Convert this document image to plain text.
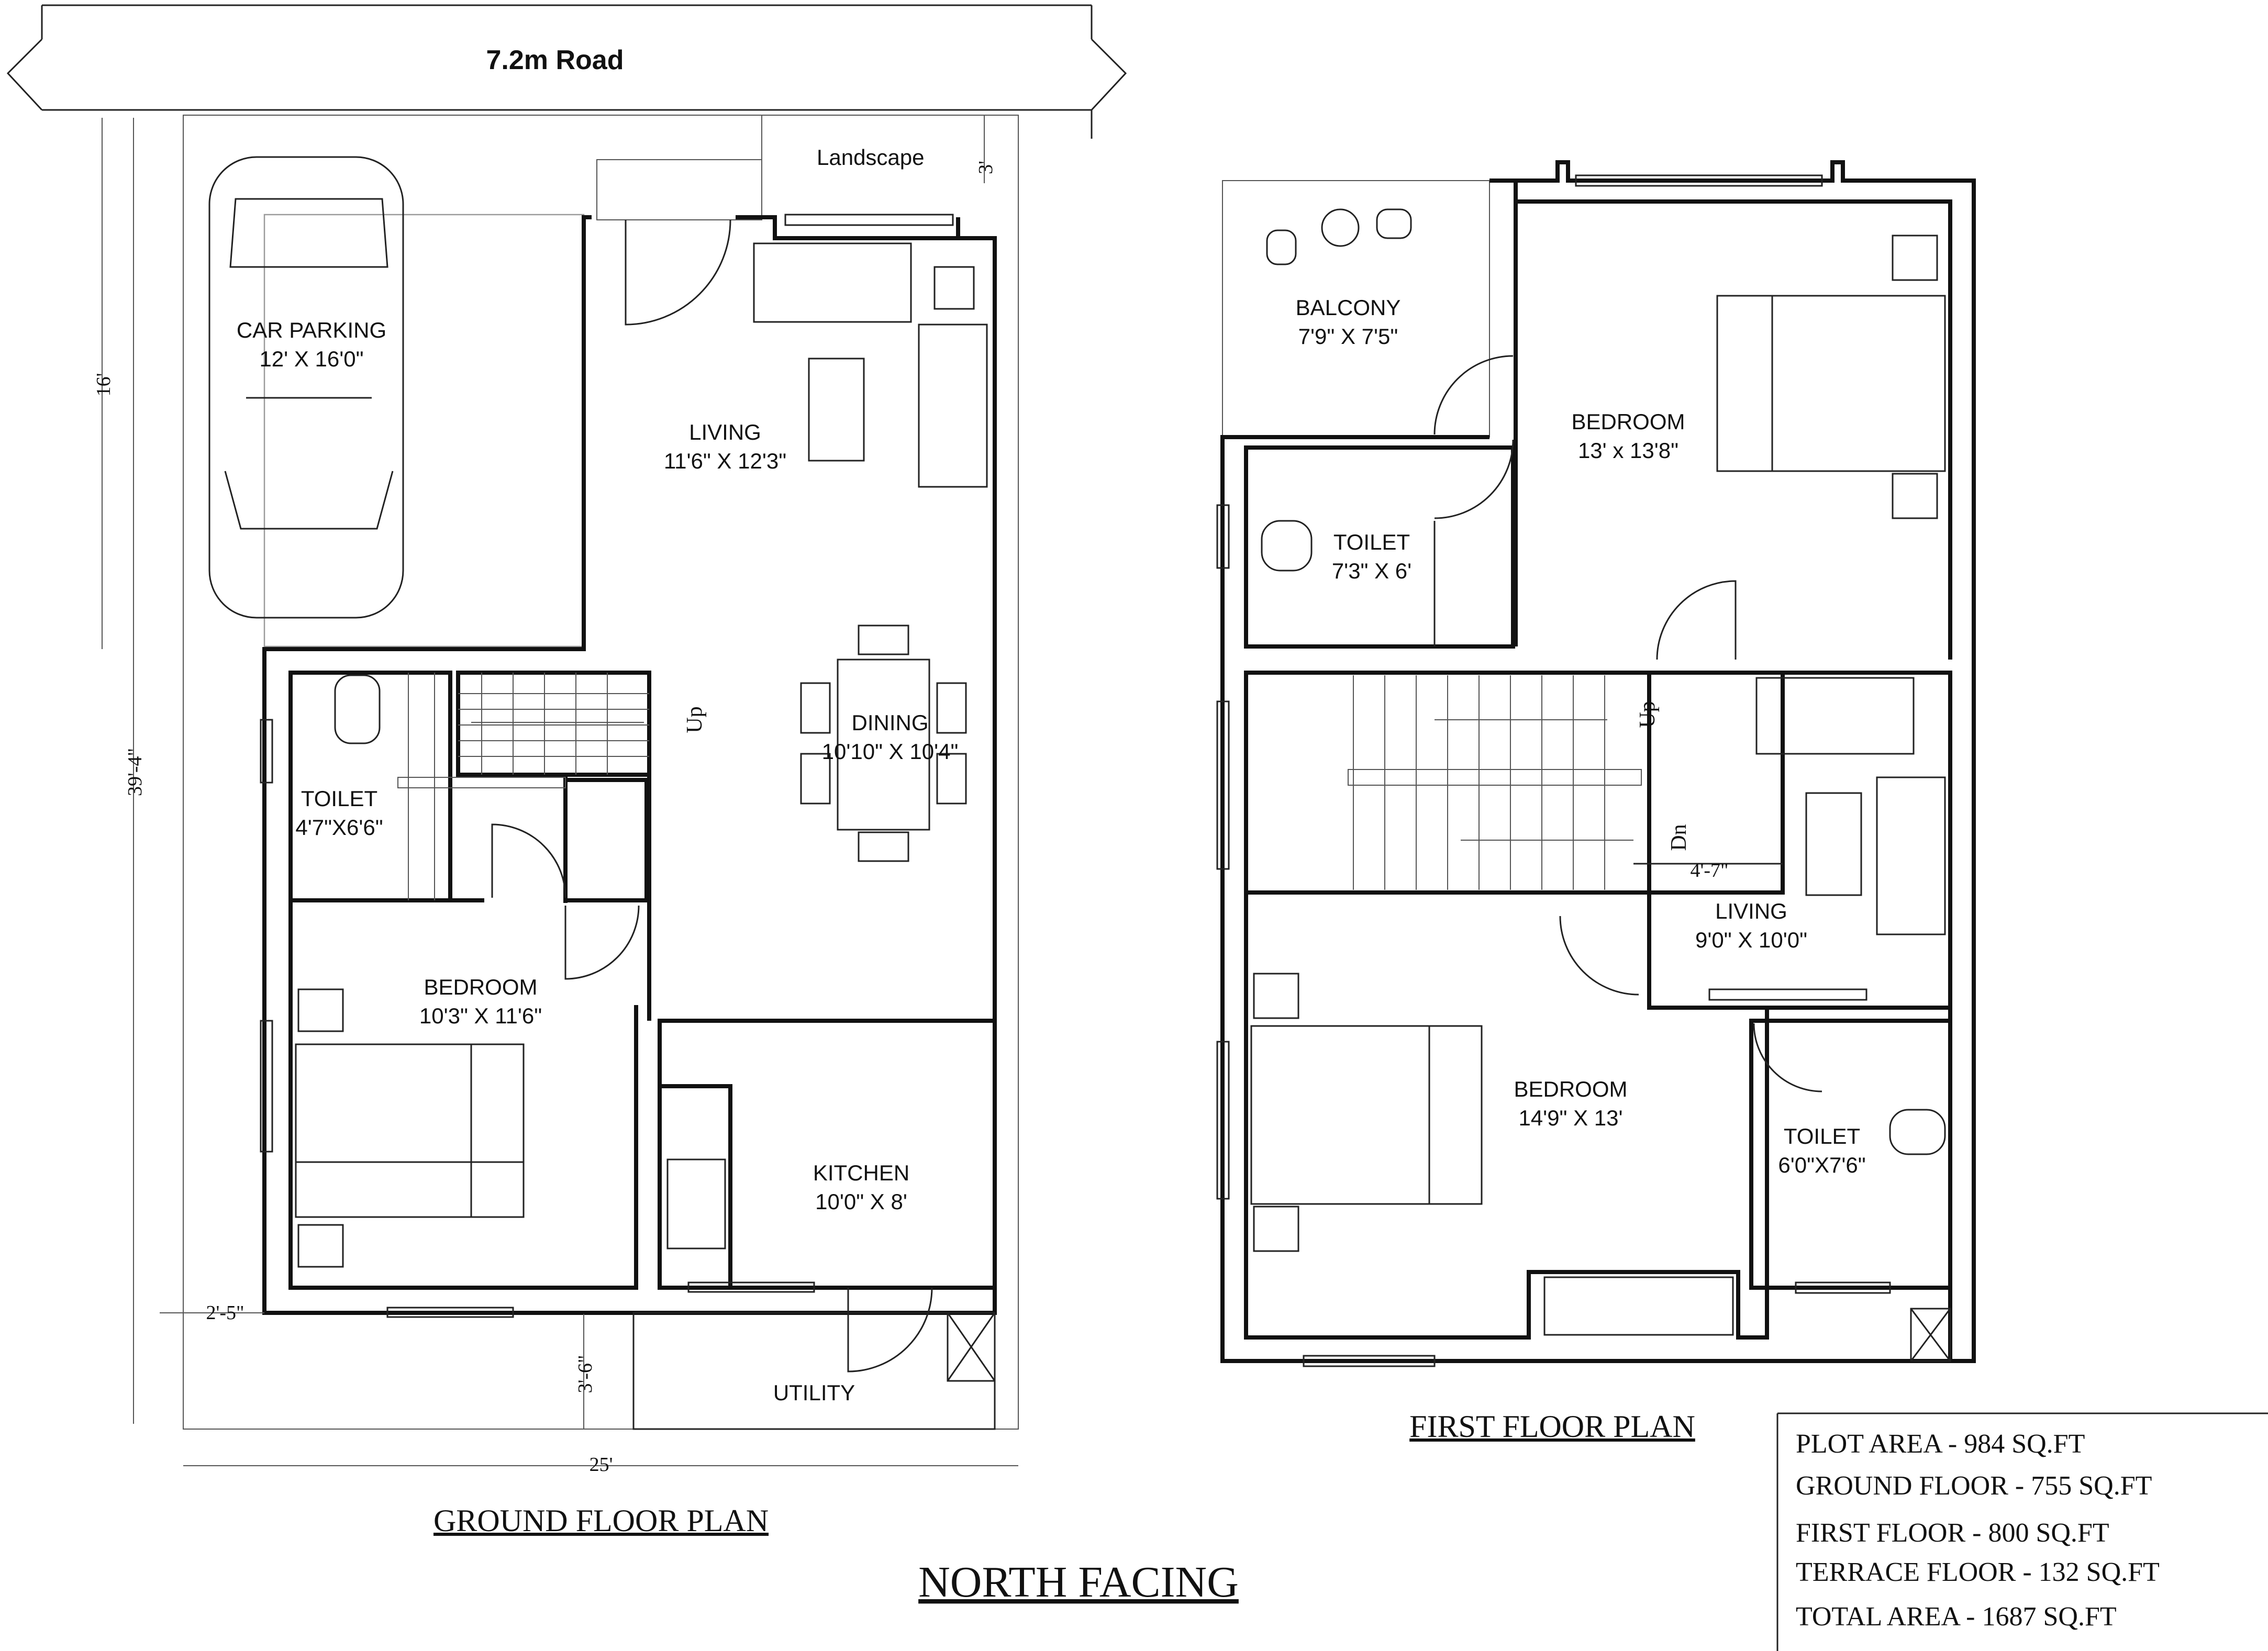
7.2m Road
Landscape
CAR PARKING
12' X 16'0"
LIVING
11'6" X 12'3"
DINING
10'10" X 10'4"
TOILET
4'7"X6'6"
BEDROOM
10'3" X 11'6"
KITCHEN
10'0" X 8'
UTILITY
Up
16'
39'-4"
25'
3'
3'-6"
2'-5"
GROUND FLOOR PLAN
BALCONY
7'9" X 7'5"
BEDROOM
13' x 13'8"
TOILET
7'3" X 6'
LIVING
9'0" X 10'0"
BEDROOM
14'9" X 13'
TOILET
6'0"X7'6"
Up
Dn
4'-7"
FIRST FLOOR PLAN
NORTH FACING
PLOT AREA - 984 SQ.FT
GROUND FLOOR - 755 SQ.FT
FIRST FLOOR - 800 SQ.FT
TERRACE FLOOR - 132 SQ.FT
TOTAL AREA - 1687 SQ.FT
